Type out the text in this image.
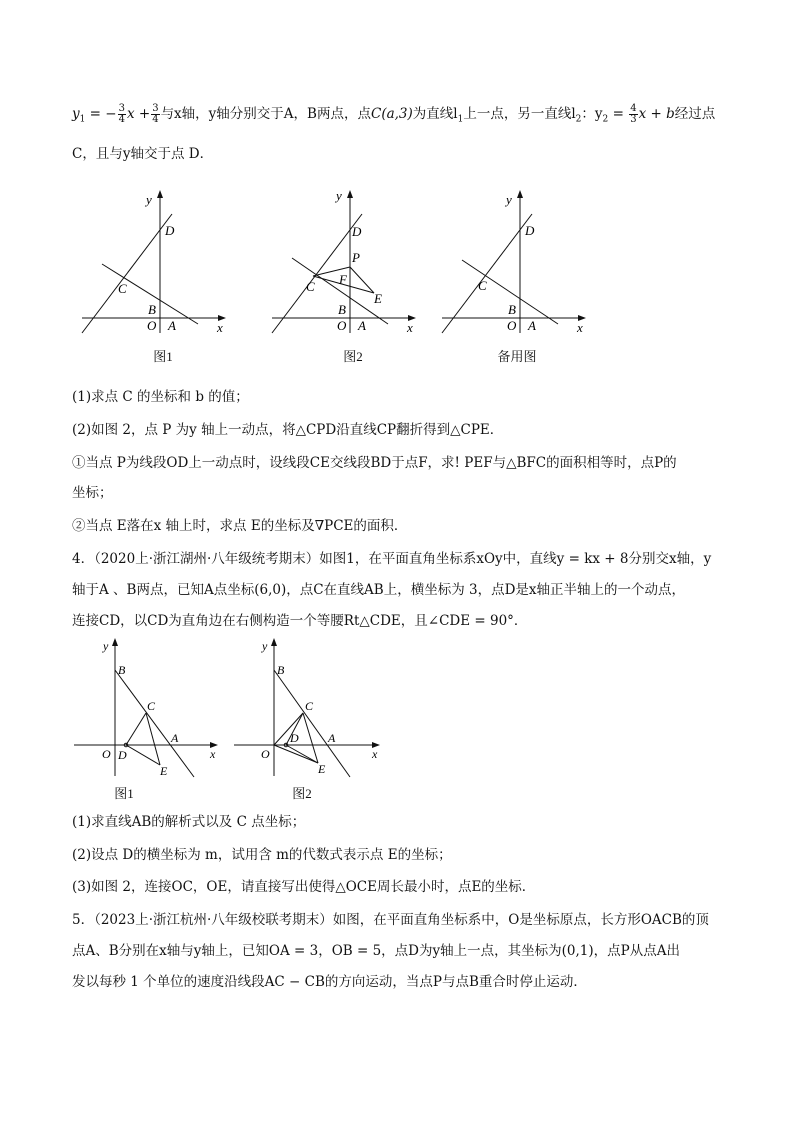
$y_1$ = − $\frac{3}{4}$ $x + \frac{3}{4}$ 与x轴，y轴分别交于A，B两点，点C(a,3)为直线$l_1$上一点，另一直线$l_2$：$y_2 = \frac{4}{3}$ x + b经过点
C，且与y轴交于点 D．
y
D
C
B
O A	x
图1
y
D
P
F
C
E
B
O A	x
图2
y
D
C
B
O A	x
备用图
(1)求点 C 的坐标和 b 的值；
(2)如图 2，点 P 为y 轴上一动点，将△CPD沿直线CP翻折得到△CPE．
①当点 P为线段OD上一动点时，设线段CE交线段BD于点F，求! PEF与△BFC的面积相等时，点P的
坐标；
②当点 E落在x 轴上时，求点 E的坐标及∇PCE的面积．
4．（2020上·浙江湖州·八年级统考期末）如图1，在平面直角坐标系xOy中，直线y = kx + 8分别交x轴，y
轴于A 、B两点，已知A点坐标(6,0)，点C在直线AB上，横坐标为 3，点D是x轴正半轴上的一个动点，
连接CD，以CD为直角边在右侧构造一个等腰Rt△CDE，且∠CDE = 90°．
y
B
C
A
O D
E
x
图1
y
B
C
D A
O
E
x
图2
(1)求直线AB的解析式以及 C 点坐标；
(2)设点 D的横坐标为 m，试用含 m的代数式表示点 E的坐标；
(3)如图 2，连接OC，OE，请直接写出使得△OCE周长最小时，点E的坐标．
5．（2023上·浙江杭州·八年级校联考期末）如图，在平面直角坐标系中，O是坐标原点，长方形OACB的顶
点A、B分别在x轴与y轴上，已知OA = 3，OB = 5，点D为y轴上一点，其坐标为(0,1)，点P从点A出
发以每秒 1 个单位的速度沿线段AC − CB的方向运动，当点P与点B重合时停止运动．
